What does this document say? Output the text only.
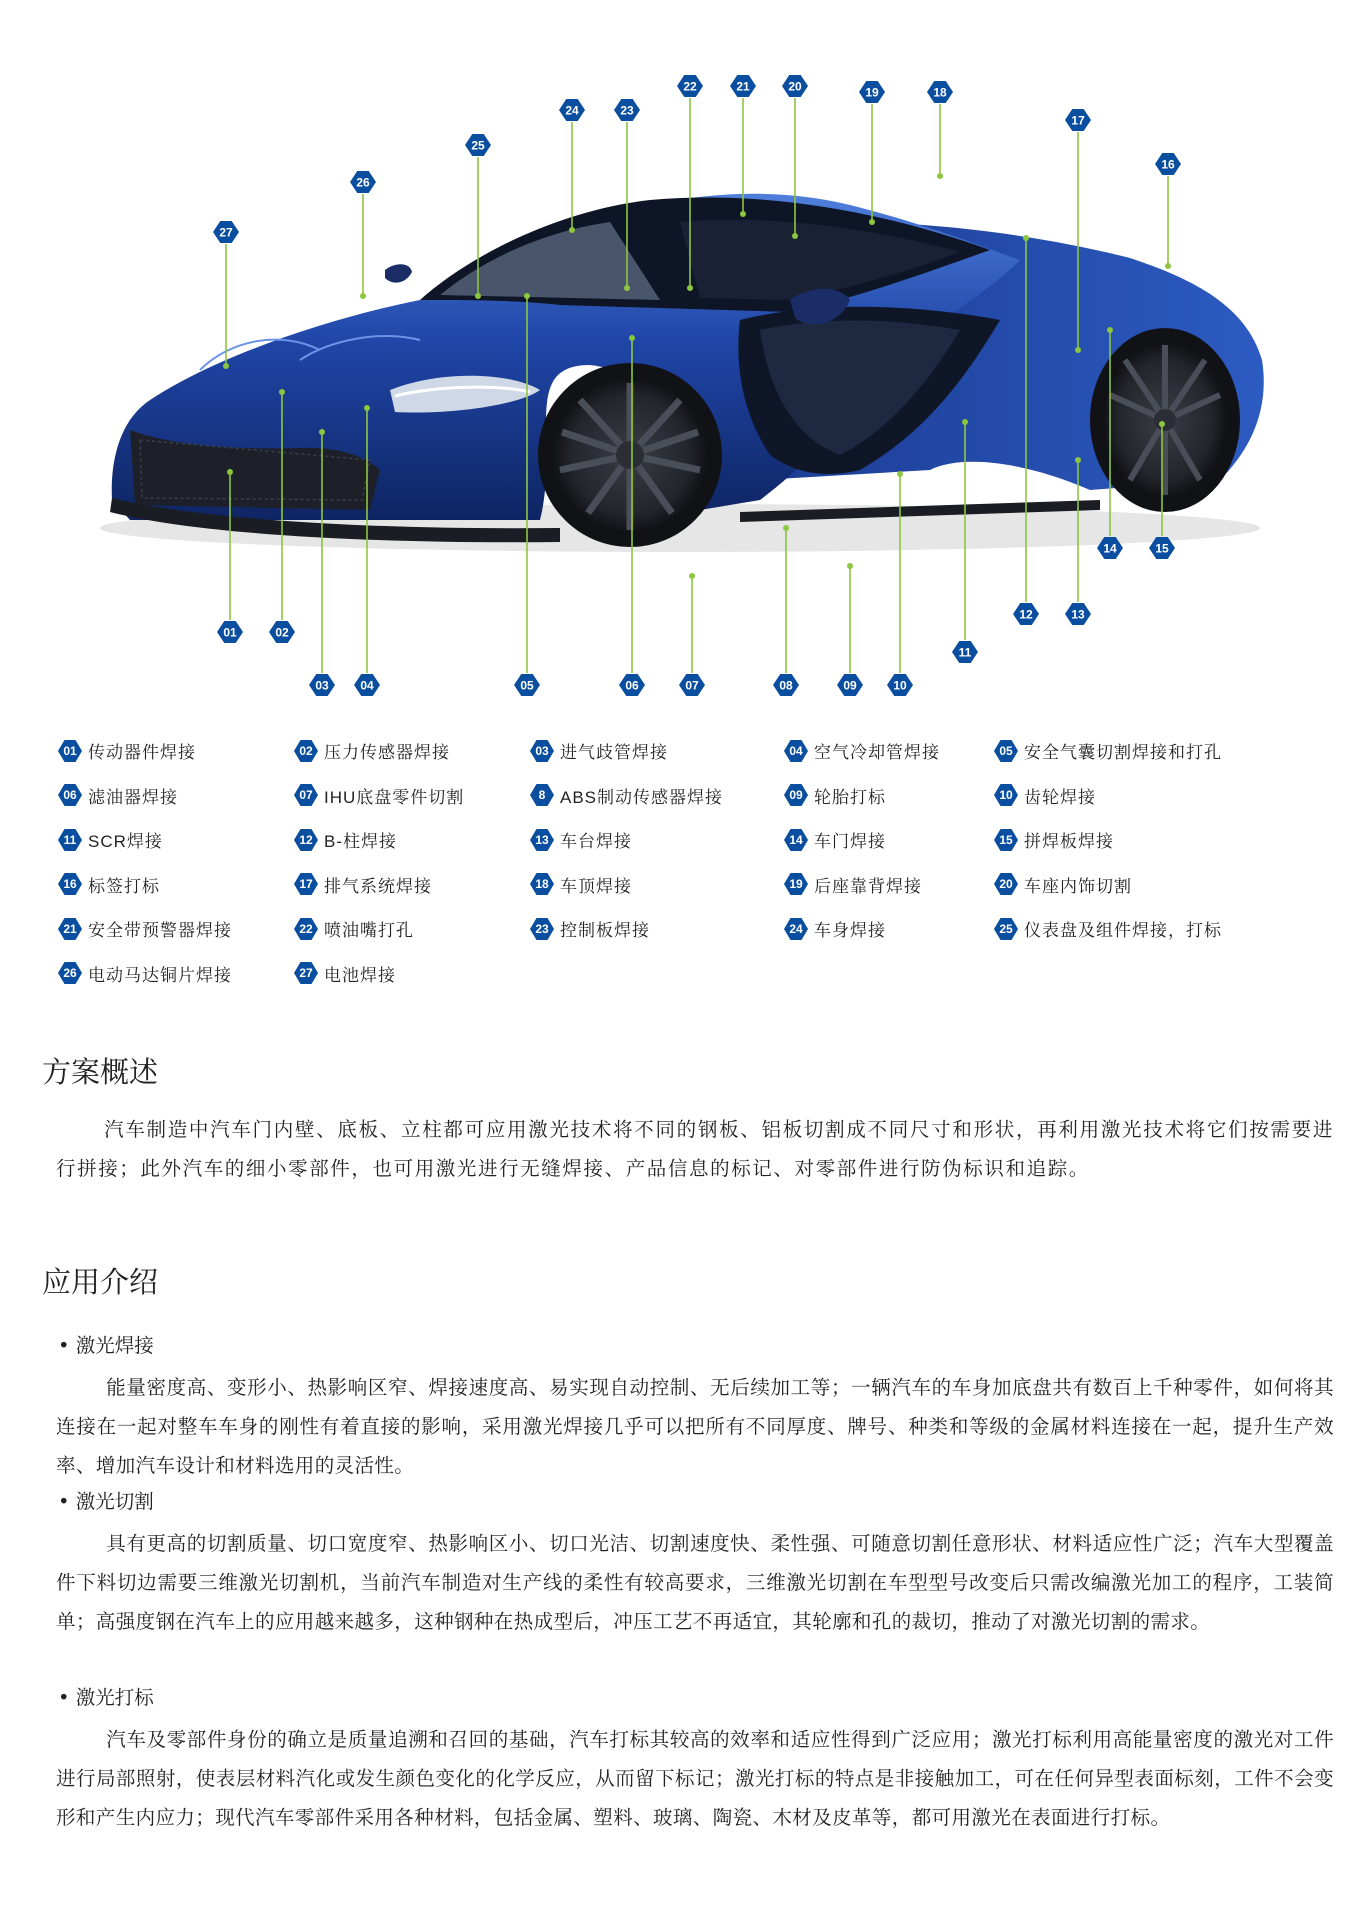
01	02
03	04	05	06	07	08	09	10
11
12	13
14	15
16
17
18
19
20
21
22
23
24
25
26
27
01 传动器件焊接	02 压力传感器焊接	03 进气歧管焊接	04 空气冷却管焊接	05 安全气囊切割焊接和打孔
06 滤油器焊接	07 IHU底盘零件切割	8 ABS制动传感器焊接	09 轮胎打标	10 齿轮焊接
11 SCR焊接	12 B-柱焊接	13 车台焊接	14 车门焊接	15 拼焊板焊接
16 标签打标	17 排气系统焊接	18 车顶焊接	19 后座靠背焊接	20 车座内饰切割
21 安全带预警器焊接	22 喷油嘴打孔	23 控制板焊接	24 车身焊接	25 仪表盘及组件焊接，打标
26 电动马达铜片焊接	27 电池焊接
方案概述
汽车制造中汽车门内壁、底板、立柱都可应用激光技术将不同的钢板、铝板切割成不同尺寸和形状，再利用激光技术将它们按需要进行拼接；此外汽车的细小零部件，也可用激光进行无缝焊接、产品信息的标记、对零部件进行防伪标识和追踪。
应用介绍
• 激光焊接
能量密度高、变形小、热影响区窄、焊接速度高、易实现自动控制、无后续加工等；一辆汽车的车身加底盘共有数百上千种零件，如何将其连接在一起对整车车身的刚性有着直接的影响，采用激光焊接几乎可以把所有不同厚度、牌号、种类和等级的金属材料连接在一起，提升生产效率、增加汽车设计和材料选用的灵活性。
• 激光切割
具有更高的切割质量、切口宽度窄、热影响区小、切口光洁、切割速度快、柔性强、可随意切割任意形状、材料适应性广泛；汽车大型覆盖件下料切边需要三维激光切割机，当前汽车制造对生产线的柔性有较高要求，三维激光切割在车型型号改变后只需改编激光加工的程序，工装简单；高强度钢在汽车上的应用越来越多，这种钢种在热成型后，冲压工艺不再适宜，其轮廓和孔的裁切，推动了对激光切割的需求。
• 激光打标
汽车及零部件身份的确立是质量追溯和召回的基础，汽车打标其较高的效率和适应性得到广泛应用；激光打标利用高能量密度的激光对工件进行局部照射，使表层材料汽化或发生颜色变化的化学反应，从而留下标记；激光打标的特点是非接触加工，可在任何异型表面标刻，工件不会变形和产生内应力；现代汽车零部件采用各种材料，包括金属、塑料、玻璃、陶瓷、木材及皮革等，都可用激光在表面进行打标。
